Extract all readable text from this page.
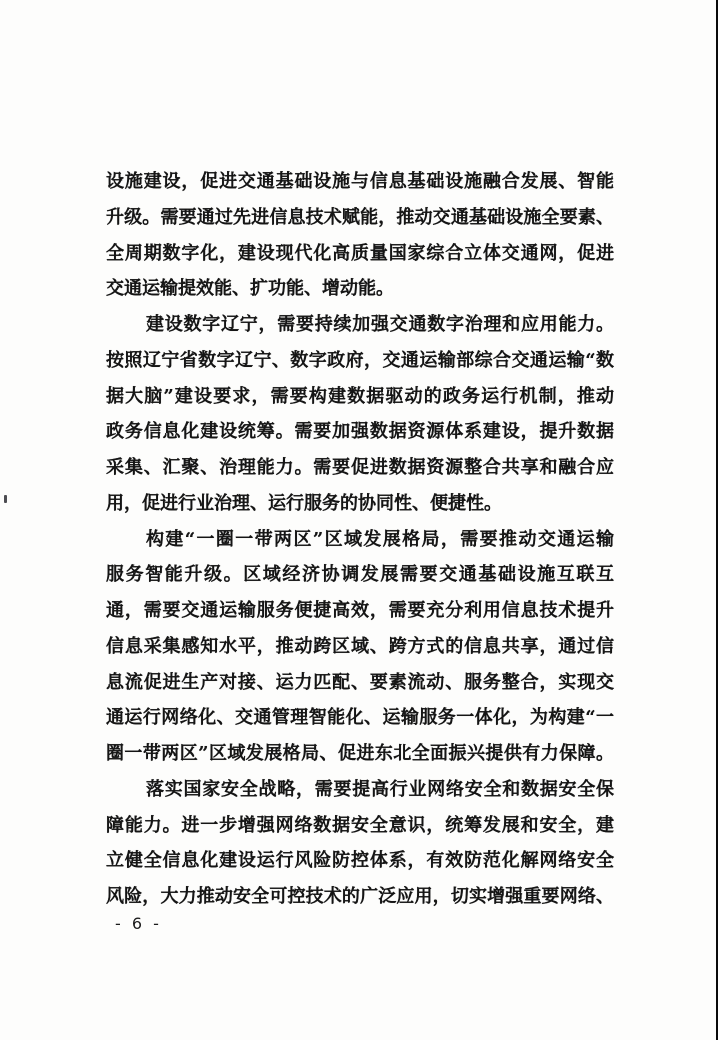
设施建设，促进交通基础设施与信息基础设施融合发展、智能
升级。需要通过先进信息技术赋能，推动交通基础设施全要素、
全周期数字化，建设现代化高质量国家综合立体交通网，促进
交通运输提效能、扩功能、增动能。
建设数字辽宁，需要持续加强交通数字治理和应用能力。
按照辽宁省数字辽宁、数字政府，交通运输部综合交通运输“数
据大脑”建设要求，需要构建数据驱动的政务运行机制，推动
政务信息化建设统筹。需要加强数据资源体系建设，提升数据
采集、汇聚、治理能力。需要促进数据资源整合共享和融合应
用，促进行业治理、运行服务的协同性、便捷性。
构建“一圈一带两区”区域发展格局，需要推动交通运输
服务智能升级。区域经济协调发展需要交通基础设施互联互
通，需要交通运输服务便捷高效，需要充分利用信息技术提升
信息采集感知水平，推动跨区域、跨方式的信息共享，通过信
息流促进生产对接、运力匹配、要素流动、服务整合，实现交
通运行网络化、交通管理智能化、运输服务一体化，为构建“一
圈一带两区”区域发展格局、促进东北全面振兴提供有力保障。
落实国家安全战略，需要提高行业网络安全和数据安全保
障能力。进一步增强网络数据安全意识，统筹发展和安全，建
立健全信息化建设运行风险防控体系，有效防范化解网络安全
风险，大力推动安全可控技术的广泛应用，切实增强重要网络、
- 6 -
